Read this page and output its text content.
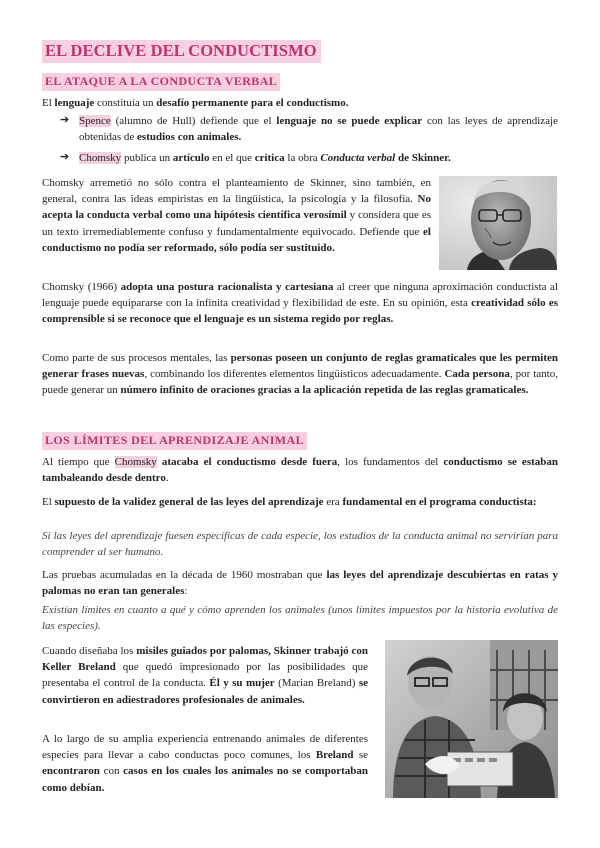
EL DECLIVE DEL CONDUCTISMO
EL ATAQUE A LA CONDUCTA VERBAL

El lenguaje constituía un desafío permanente para el conductismo.

➔ Spence (alumno de Hull) defiende que el lenguaje no se puede explicar con las leyes de aprendizaje obtenidas de estudios con animales.

➔ Chomsky publica un artículo en el que critica la obra Conducta verbal de Skinner.

Chomsky arremetió no sólo contra el planteamiento de Skinner, sino también, en general, contra las ideas empiristas en la lingüística, la psicología y la filosofía. No acepta la conducta verbal como una hipótesis científica verosímil y considera que es un texto irremediablemente confuso y fundamentalmente equivocado. Defiende que el conductismo no podía ser reformado, sólo podía ser sustituido.

Chomsky (1966) adopta una postura racionalista y cartesiana al creer que ninguna aproximación conductista al lenguaje puede equipararse con la infinita creatividad y flexibilidad de este. En su opinión, esta creatividad sólo es comprensible si se reconoce que el lenguaje es un sistema regido por reglas.

Como parte de sus procesos mentales, las personas poseen un conjunto de reglas gramaticales que les permiten generar frases nuevas, combinando los diferentes elementos lingüísticos adecuadamente. Cada persona, por tanto, puede generar un número infinito de oraciones gracias a la aplicación repetida de las reglas gramaticales.

LOS LÍMITES DEL APRENDIZAJE ANIMAL

Al tiempo que Chomsky atacaba el conductismo desde fuera, los fundamentos del conductismo se estaban tambaleando desde dentro.

El supuesto de la validez general de las leyes del aprendizaje era fundamental en el programa conductista:

Si las leyes del aprendizaje fuesen específicas de cada especie, los estudios de la conducta animal no servirían para comprender al ser humano.

Las pruebas acumuladas en la década de 1960 mostraban que las leyes del aprendizaje descubiertas en ratas y palomas no eran tan generales:

Existían límites en cuanto a qué y cómo aprenden los animales (unos límites impuestos por la historia evolutiva de las especies).

Cuando diseñaba los misiles guiados por palomas, Skinner trabajó con Keller Breland que quedó impresionado por las posibilidades que presentaba el control de la conducta. Él y su mujer (Marian Breland) se convirtieron en adiestradores profesionales de animales.

A lo largo de su amplia experiencia entrenando animales de diferentes especies para llevar a cabo conductas poco comunes, los Breland se encontraron con casos en los cuales los animales no se comportaban como debían.
